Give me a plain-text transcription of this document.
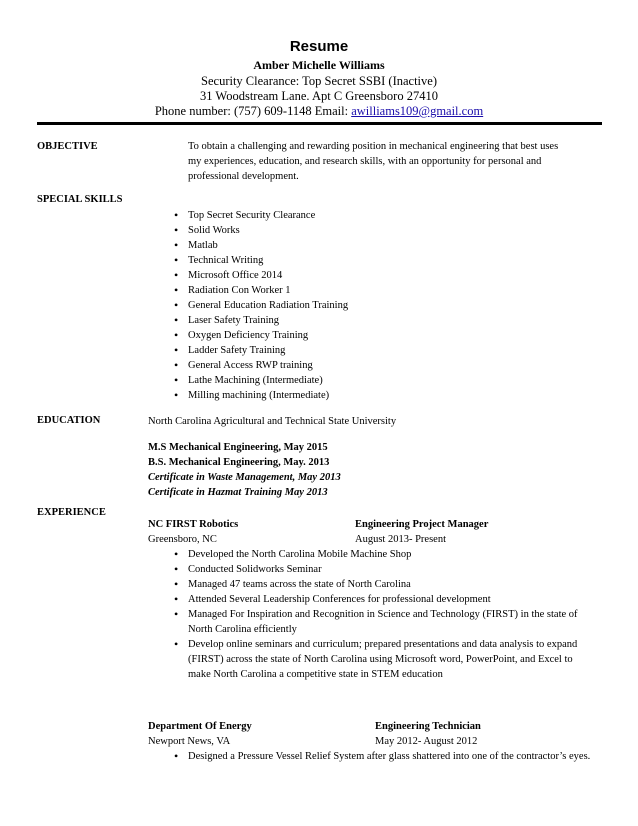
Resume
Amber Michelle Williams
Security Clearance: Top Secret SSBI (Inactive)
31 Woodstream Lane. Apt C Greensboro 27410
Phone number: (757) 609-1148 Email: awilliams109@gmail.com
OBJECTIVE	To obtain a challenging and rewarding position in mechanical engineering that best uses
my experiences, education, and research skills, with an opportunity for personal and
professional development.
SPECIAL SKILLS
• Top Secret Security Clearance
• Solid Works
• Matlab
• Technical Writing
• Microsoft Office 2014
• Radiation Con Worker 1
• General Education Radiation Training
• Laser Safety Training
• Oxygen Deficiency Training
• Ladder Safety Training
• General Access RWP training
• Lathe Machining (Intermediate)
• Milling machining (Intermediate)
EDUCATION	North Carolina Agricultural and Technical State University
M.S Mechanical Engineering, May 2015
B.S. Mechanical Engineering, May. 2013
Certificate in Waste Management, May 2013
Certificate in Hazmat Training May 2013
EXPERIENCE
NC FIRST Robotics	Engineering Project Manager
Greensboro, NC	August 2013- Present
• Developed the North Carolina Mobile Machine Shop
• Conducted Solidworks Seminar
• Managed 47 teams across the state of North Carolina
• Attended Several Leadership Conferences for professional development
• Managed For Inspiration and Recognition in Science and Technology (FIRST) in the state of North Carolina efficiently
• Develop online seminars and curriculum; prepared presentations and data analysis to expand (FIRST) across the state of North Carolina using Microsoft word, PowerPoint, and Excel to make North Carolina a competitive state in STEM education
Department Of Energy	Engineering Technician
Newport News, VA	May 2012- August 2012
• Designed a Pressure Vessel Relief System after glass shattered into one of the contractor’s eyes.
